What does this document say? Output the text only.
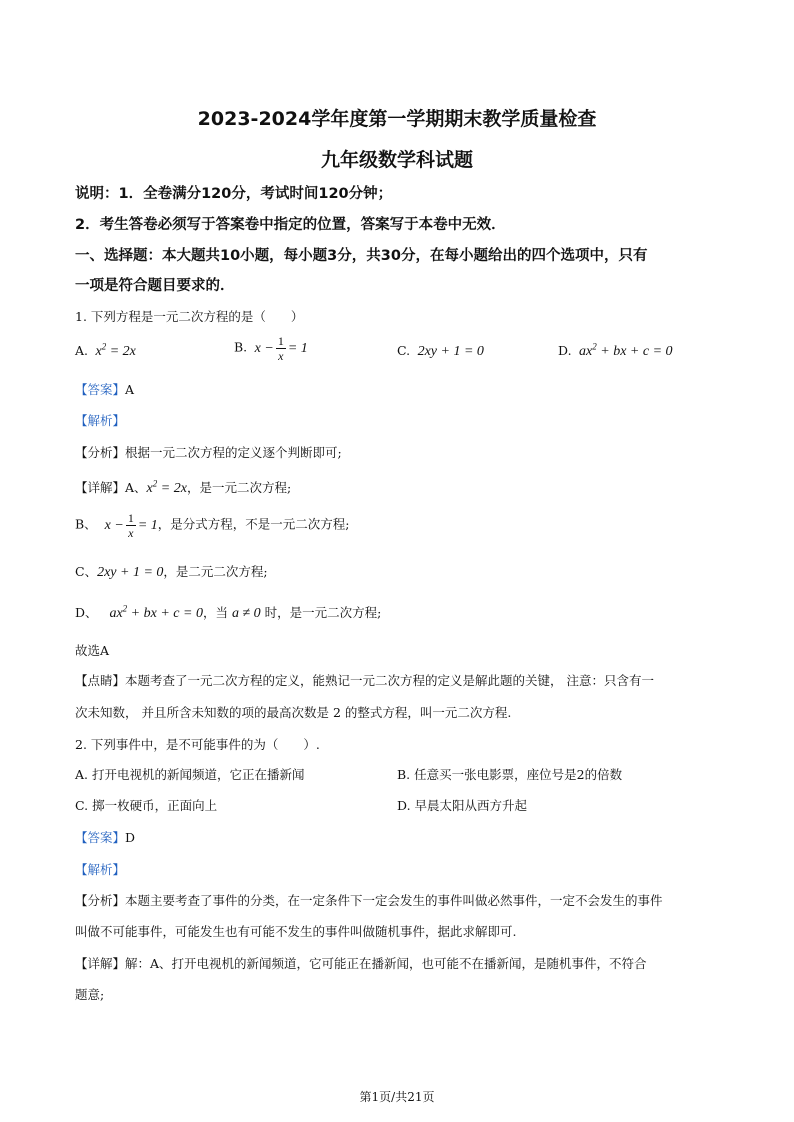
2023-2024学年度第一学期期末教学质量检查
九年级数学科试题
说明：1．全卷满分120分，考试时间120分钟；
2．考生答卷必须写于答案卷中指定的位置，答案写于本卷中无效．
一、选择题：本大题共10小题，每小题3分，共30分，在每小题给出的四个选项中，只有
一项是符合题目要求的．
1. 下列方程是一元二次方程的是（　　）
A.  $x^2 = 2x$	B.  $x - \frac{1}{x} = 1$	C.  2xy + 1 = 0	D.  $ax^2$ + bx + c = 0
【答案】A
【解析】
【分析】根据一元二次方程的定义逐个判断即可;
【详解】A、$x^2 = 2x$，是一元二次方程;
B、 $x - \frac{1}{x} = 1$，是分式方程，不是一元二次方程;
C、2xy + 1 = 0，是二元二次方程;
D、 $ax^2$ + bx + c = 0，当 a ≠ 0 时，是一元二次方程;
故选A
【点睛】本题考查了一元二次方程的定义，能熟记一元二次方程的定义是解此题的关键， 注意：只含有一
次未知数， 并且所含未知数的项的最高次数是 2 的整式方程，叫一元二次方程.
2. 下列事件中，是不可能事件的为（　　）.
A. 打开电视机的新闻频道，它正在播新闻	B. 任意买一张电影票，座位号是2的倍数
C. 掷一枚硬币，正面向上	D. 早晨太阳从西方升起
【答案】D
【解析】
【分析】本题主要考查了事件的分类，在一定条件下一定会发生的事件叫做必然事件，一定不会发生的事件
叫做不可能事件，可能发生也有可能不发生的事件叫做随机事件，据此求解即可.
【详解】解：A、打开电视机的新闻频道，它可能正在播新闻，也可能不在播新闻，是随机事件，不符合
题意;
第1页/共21页
